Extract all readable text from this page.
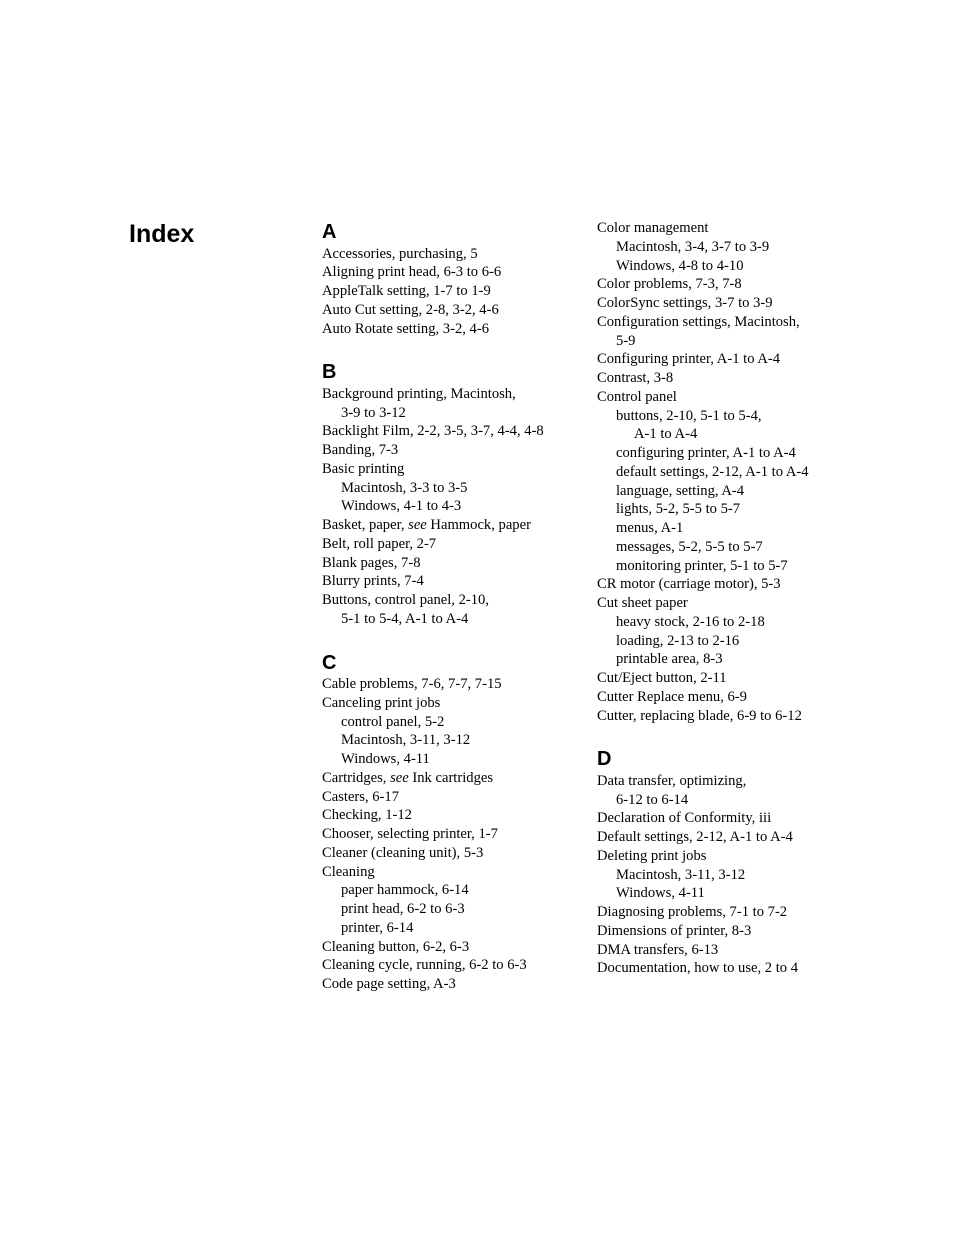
Index	A
Accessories, purchasing, 5
Aligning print head, 6-3 to 6-6
AppleTalk setting, 1-7 to 1-9
Auto Cut setting, 2-8, 3-2, 4-6
Auto Rotate setting, 3-2, 4-6
B
Background printing, Macintosh,
3-9 to 3-12
Backlight Film, 2-2, 3-5, 3-7, 4-4, 4-8
Banding, 7-3
Basic printing
Macintosh, 3-3 to 3-5
Windows, 4-1 to 4-3
Basket, paper, see Hammock, paper
Belt, roll paper, 2-7
Blank pages, 7-8
Blurry prints, 7-4
Buttons, control panel, 2-10,
5-1 to 5-4, A-1 to A-4
C
Cable problems, 7-6, 7-7, 7-15
Canceling print jobs
control panel, 5-2
Macintosh, 3-11, 3-12
Windows, 4-11
Cartridges, see Ink cartridges
Casters, 6-17
Checking, 1-12
Chooser, selecting printer, 1-7
Cleaner (cleaning unit), 5-3
Cleaning
paper hammock, 6-14
print head, 6-2 to 6-3
printer, 6-14
Cleaning button, 6-2, 6-3
Cleaning cycle, running, 6-2 to 6-3
Code page setting, A-3
Color management
Macintosh, 3-4, 3-7 to 3-9
Windows, 4-8 to 4-10
Color problems, 7-3, 7-8
ColorSync settings, 3-7 to 3-9
Configuration settings, Macintosh,
5-9
Configuring printer, A-1 to A-4
Contrast, 3-8
Control panel
buttons, 2-10, 5-1 to 5-4,
A-1 to A-4
configuring printer, A-1 to A-4
default settings, 2-12, A-1 to A-4
language, setting, A-4
lights, 5-2, 5-5 to 5-7
menus, A-1
messages, 5-2, 5-5 to 5-7
monitoring printer, 5-1 to 5-7
CR motor (carriage motor), 5-3
Cut sheet paper
heavy stock, 2-16 to 2-18
loading, 2-13 to 2-16
printable area, 8-3
Cut/Eject button, 2-11
Cutter Replace menu, 6-9
Cutter, replacing blade, 6-9 to 6-12
D
Data transfer, optimizing,
6-12 to 6-14
Declaration of Conformity, iii
Default settings, 2-12, A-1 to A-4
Deleting print jobs
Macintosh, 3-11, 3-12
Windows, 4-11
Diagnosing problems, 7-1 to 7-2
Dimensions of printer, 8-3
DMA transfers, 6-13
Documentation, how to use, 2 to 4
